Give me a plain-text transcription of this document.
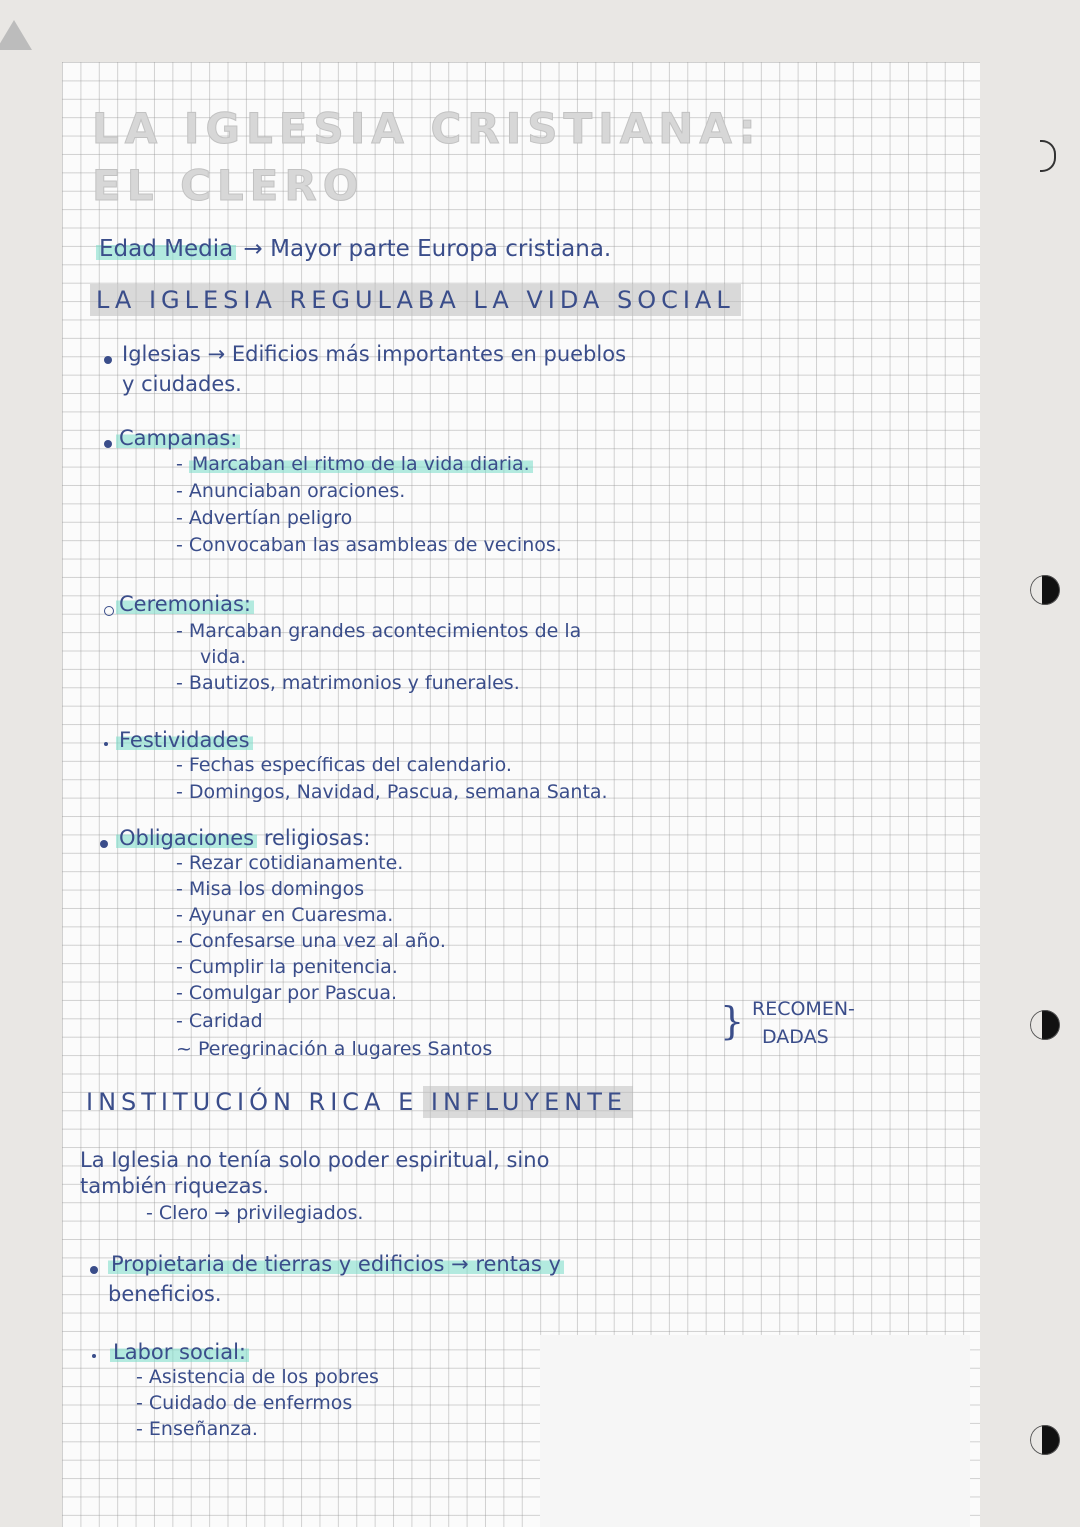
LA IGLESIA CRISTIANA:
EL CLERO
Edad Media → Mayor parte Europa cristiana.
LA IGLESIA REGULABA LA VIDA SOCIAL
Iglesias → Edificios más importantes en pueblos
y ciudades.
Campanas:
- Marcaban el ritmo de la vida diaria.
- Anunciaban oraciones.
- Advertían peligro
- Convocaban las asambleas de vecinos.
Ceremonias:
- Marcaban grandes acontecimientos de la
vida.
- Bautizos, matrimonios y funerales.
Festividades
- Fechas específicas del calendario.
- Domingos, Navidad, Pascua, semana Santa.
Obligaciones religiosas:
- Rezar cotidianamente.
- Misa los domingos
- Ayunar en Cuaresma.
- Confesarse una vez al año.
- Cumplir la penitencia.
- Comulgar por Pascua.
- Caridad
~ Peregrinación a lugares Santos
} RECOMEN-
DADAS
INSTITUCIÓN RICA E INFLUYENTE
La Iglesia no tenía solo poder espiritual, sino
también riquezas.
- Clero → privilegiados.
Propietaria de tierras y edificios → rentas y
beneficios.
Labor social:
- Asistencia de los pobres
- Cuidado de enfermos
- Enseñanza.
